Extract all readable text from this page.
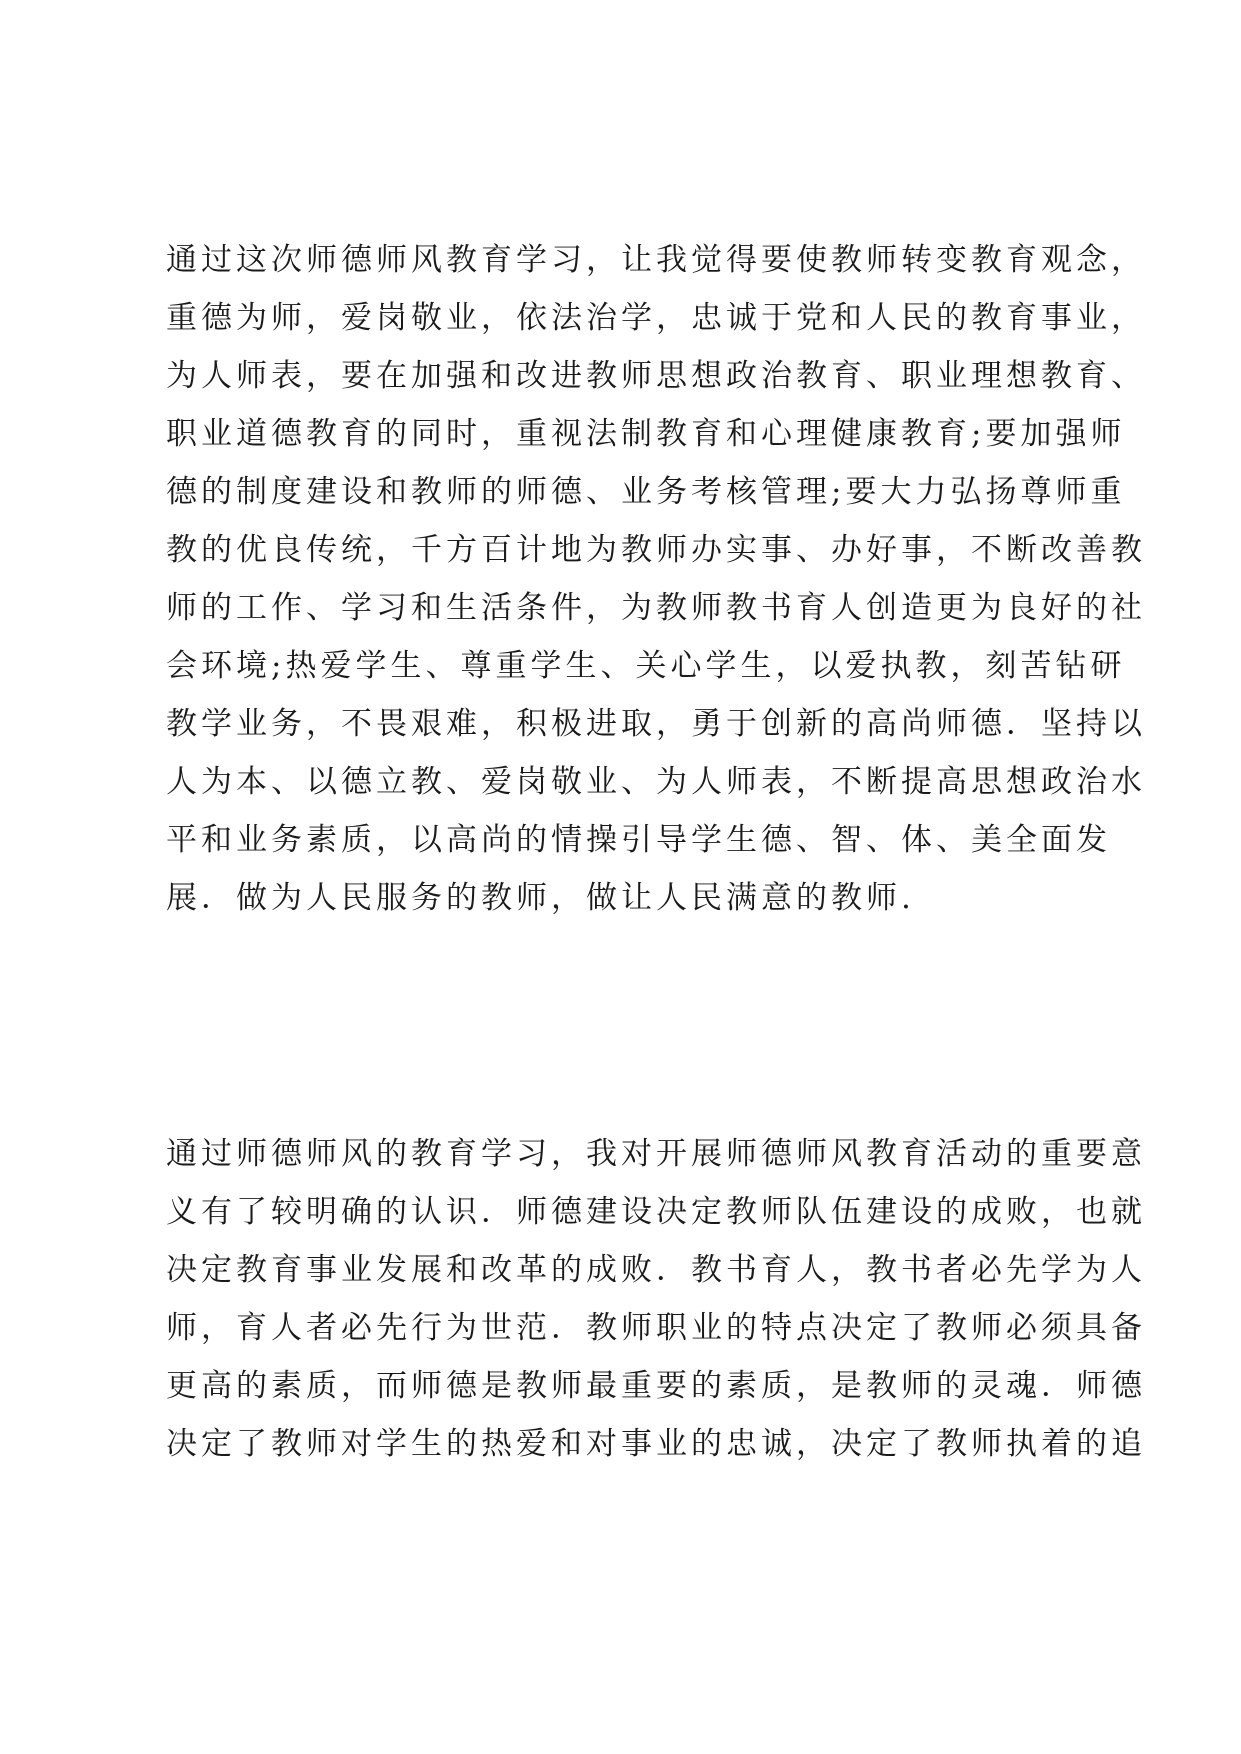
通过这次师德师风教育学习，让我觉得要使教师转变教育观念，
重德为师，爱岗敬业，依法治学，忠诚于党和人民的教育事业，
为人师表，要在加强和改进教师思想政治教育、职业理想教育、
职业道德教育的同时，重视法制教育和心理健康教育;要加强师
德的制度建设和教师的师德、业务考核管理;要大力弘扬尊师重
教的优良传统，千方百计地为教师办实事、办好事，不断改善教
师的工作、学习和生活条件，为教师教书育人创造更为良好的社
会环境;热爱学生、尊重学生、关心学生，以爱执教，刻苦钻研
教学业务，不畏艰难，积极进取，勇于创新的高尚师德．坚持以
人为本、以德立教、爱岗敬业、为人师表，不断提高思想政治水
平和业务素质，以高尚的情操引导学生德、智、体、美全面发
展．做为人民服务的教师，做让人民满意的教师.
通过师德师风的教育学习，我对开展师德师风教育活动的重要意
义有了较明确的认识．师德建设决定教师队伍建设的成败，也就
决定教育事业发展和改革的成败．教书育人，教书者必先学为人
师，育人者必先行为世范．教师职业的特点决定了教师必须具备
更高的素质，而师德是教师最重要的素质，是教师的灵魂．师德
决定了教师对学生的热爱和对事业的忠诚，决定了教师执着的追
